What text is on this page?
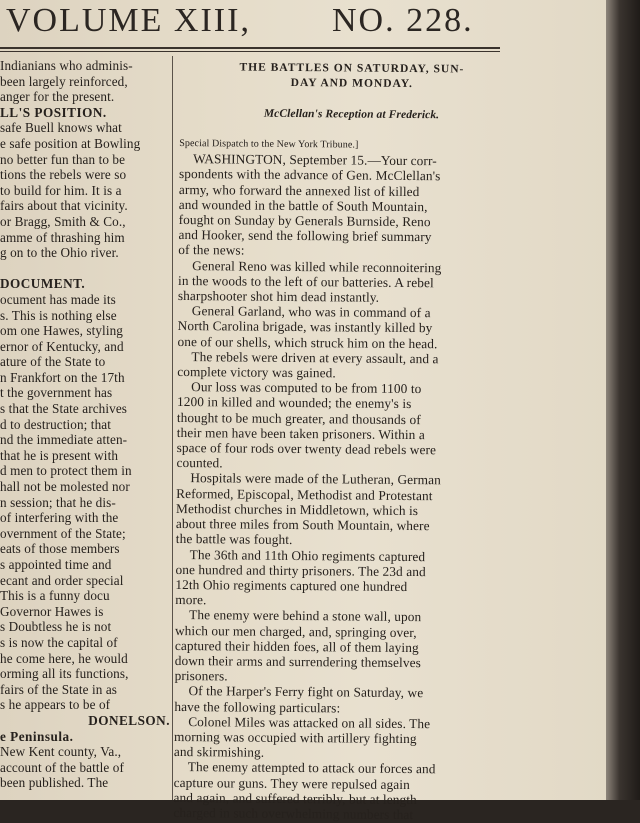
VOLUME XIII, NO. 228.
Indianians who adminis-
been largely reinforced,
anger for the present.
LL'S POSITION.
safe Buell knows what
e safe position at Bowling
no better fun than to be
tions the rebels were so
to build for him. It is a
fairs about that vicinity.
or Bragg, Smith & Co.,
amme of thrashing him
g on to the Ohio river.

DOCUMENT.
ocument has made its
s. This is nothing else
om one Hawes, styling
ernor of Kentucky, and
ature of the State to
n Frankfort on the 17th
t the government has
s that the State archives
d to destruction; that
nd the immediate atten-
that he is present with
d men to protect them in
hall not be molested nor
n session; that he dis-
of interfering with the
overnment of the State;
eats of those members
s appointed time and
ecant and order special
This is a funny docu
Governor Hawes is
s Doubtless he is not
s is now the capital of
he come here, he would
orming all its functions,
fairs of the State in as
s he appears to be of
DONELSON.
e Peninsula.
New Kent county, Va.,
account of the battle of
been published. The
THE BATTLES ON SATURDAY, SUN-
DAY AND MONDAY.

McClellan's Reception at Frederick.

Special Dispatch to the New York Tribune.]
WASHINGTON, September 15.—Your corr-
spondents with the advance of Gen. McClellan's
army, who forward the annexed list of killed
and wounded in the battle of South Mountain,
fought on Sunday by Generals Burnside, Reno
and Hooker, send the following brief summary
of the news:
General Reno was killed while reconnoitering
in the woods to the left of our batteries. A rebel
sharpshooter shot him dead instantly.
General Garland, who was in command of a
North Carolina brigade, was instantly killed by
one of our shells, which struck him on the head.
The rebels were driven at every assault, and a
complete victory was gained.
Our loss was computed to be from 1100 to
1200 in killed and wounded; the enemy's is
thought to be much greater, and thousands of
their men have been taken prisoners. Within a
space of four rods over twenty dead rebels were
counted.
Hospitals were made of the Lutheran, German
Reformed, Episcopal, Methodist and Protestant
Methodist churches in Middletown, which is
about three miles from South Mountain, where
the battle was fought.
The 36th and 11th Ohio regiments captured
one hundred and thirty prisoners. The 23d and
12th Ohio regiments captured one hundred
more.
The enemy were behind a stone wall, upon
which our men charged, and, springing over,
captured their hidden foes, all of them laying
down their arms and surrendering themselves
prisoners.
Of the Harper's Ferry fight on Saturday, we
have the following particulars:
Colonel Miles was attacked on all sides. The
morning was occupied with artillery fighting
and skirmishing.
The enemy attempted to attack our forces and
capture our guns. They were repulsed again
and again, and suffered terribly, but at length
charged in such overwhelming numbers that
